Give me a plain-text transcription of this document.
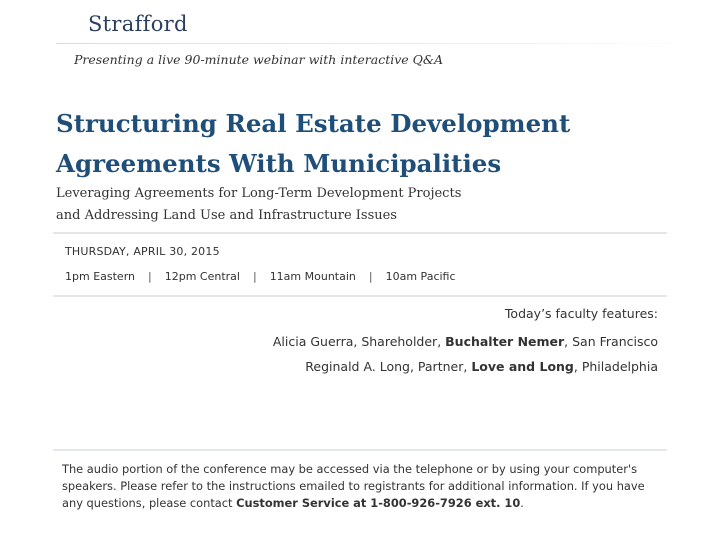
Strafford
Presenting a live 90-minute webinar with interactive Q&A
Structuring Real Estate Development
Agreements With Municipalities
Leveraging Agreements for Long-Term Development Projects
and Addressing Land Use and Infrastructure Issues
THURSDAY, APRIL 30, 2015
1pm Eastern | 12pm Central | 11am Mountain | 10am Pacific
Today’s faculty features:
Alicia Guerra, Shareholder, Buchalter Nemer, San Francisco
Reginald A. Long, Partner, Love and Long, Philadelphia
The audio portion of the conference may be accessed via the telephone or by using your computer's speakers. Please refer to the instructions emailed to registrants for additional information. If you have any questions, please contact Customer Service at 1-800-926-7926 ext. 10.
